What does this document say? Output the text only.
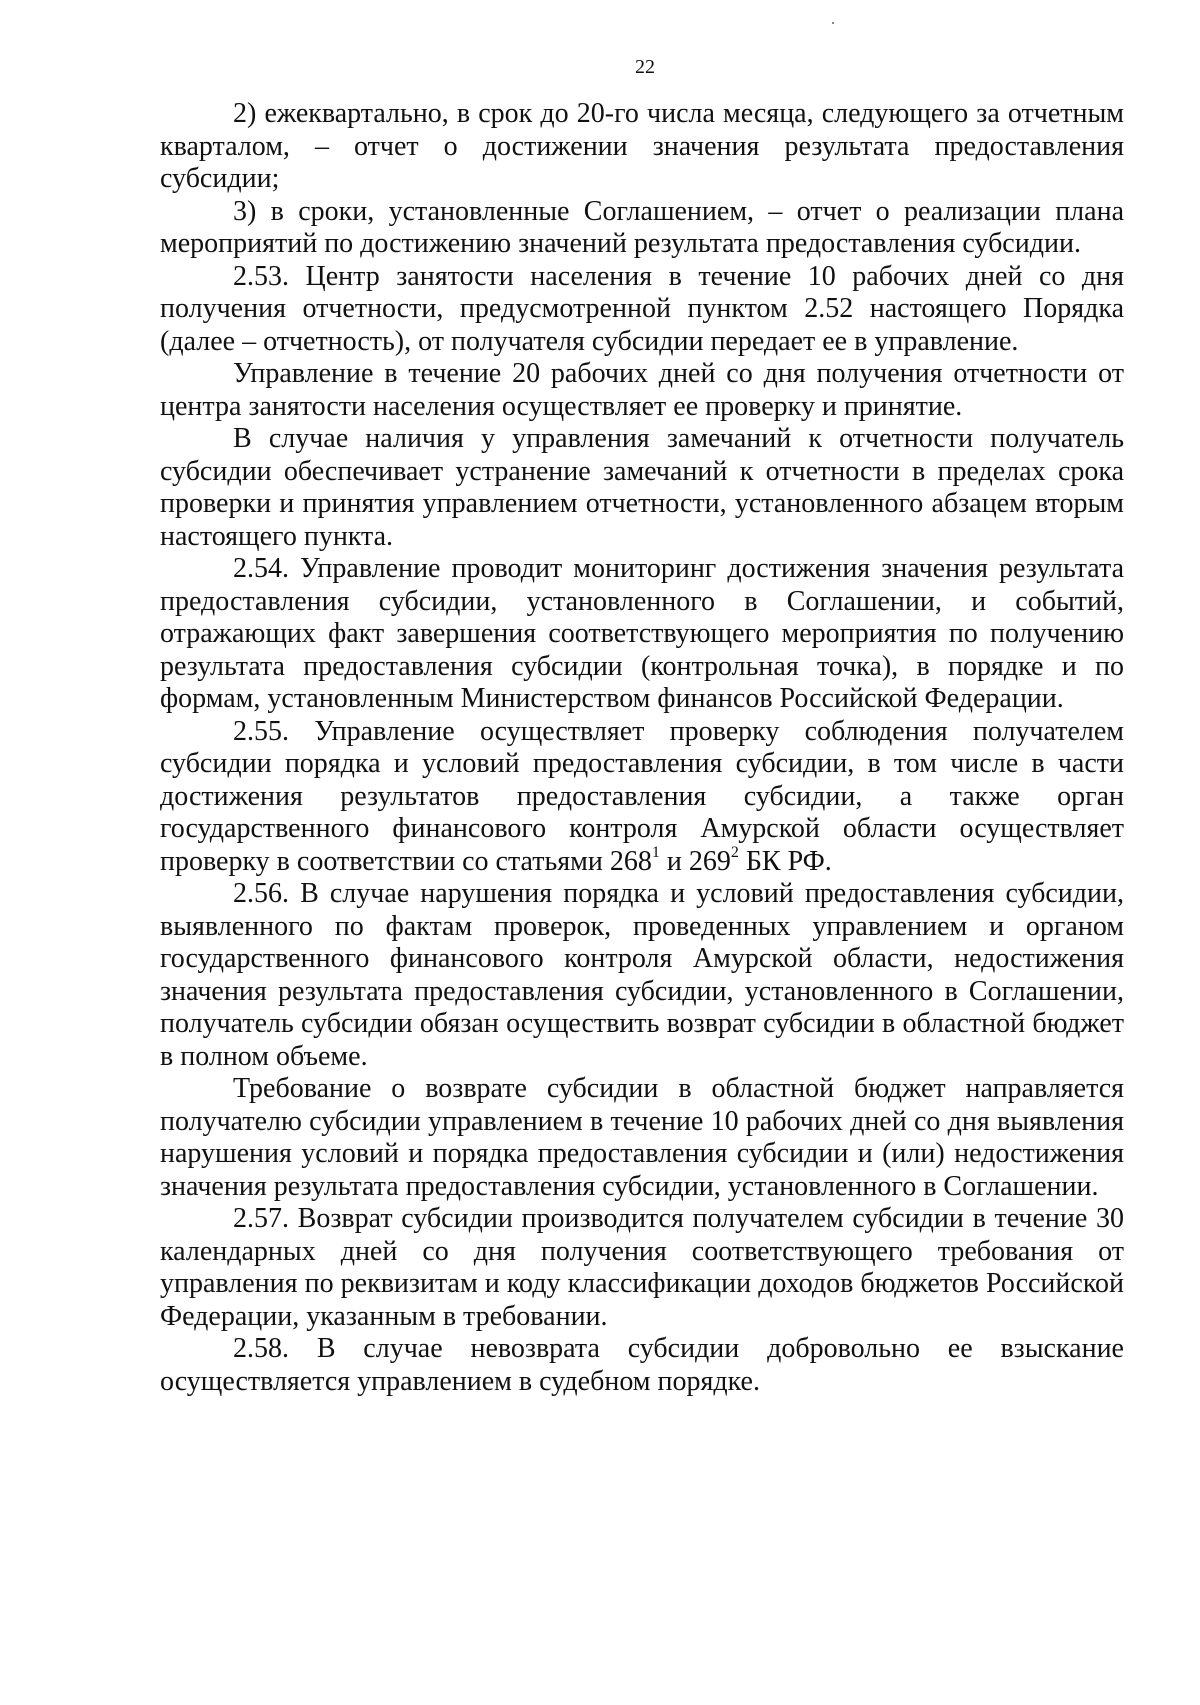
22

2) ежеквартально, в срок до 20-го числа месяца, следующего за отчетным кварталом, – отчет о достижении значения результата предоставления субсидии;

3) в сроки, установленные Соглашением, – отчет о реализации плана мероприятий по достижению значений результата предоставления субсидии.

2.53. Центр занятости населения в течение 10 рабочих дней со дня получения отчетности, предусмотренной пунктом 2.52 настоящего Порядка (далее – отчетность), от получателя субсидии передает ее в управление.

Управление в течение 20 рабочих дней со дня получения отчетности от центра занятости населения осуществляет ее проверку и принятие.

В случае наличия у управления замечаний к отчетности получатель субсидии обеспечивает устранение замечаний к отчетности в пределах срока проверки и принятия управлением отчетности, установленного абзацем вторым настоящего пункта.

2.54. Управление проводит мониторинг достижения значения результата предоставления субсидии, установленного в Соглашении, и событий, отражающих факт завершения соответствующего мероприятия по получению результата предоставления субсидии (контрольная точка), в порядке и по формам, установленным Министерством финансов Российской Федерации.

2.55. Управление осуществляет проверку соблюдения получателем субсидии порядка и условий предоставления субсидии, в том числе в части достижения результатов предоставления субсидии, а также орган государственного финансового контроля Амурской области осуществляет проверку в соответствии со статьями $268^1$ и $269^2$ БК РФ.

2.56. В случае нарушения порядка и условий предоставления субсидии, выявленного по фактам проверок, проведенных управлением и органом государственного финансового контроля Амурской области, недостижения значения результата предоставления субсидии, установленного в Соглашении, получатель субсидии обязан осуществить возврат субсидии в областной бюджет в полном объеме.

Требование о возврате субсидии в областной бюджет направляется получателю субсидии управлением в течение 10 рабочих дней со дня выявления нарушения условий и порядка предоставления субсидии и (или) недостижения значения результата предоставления субсидии, установленного в Соглашении.

2.57. Возврат субсидии производится получателем субсидии в течение 30 календарных дней со дня получения соответствующего требования от управления по реквизитам и коду классификации доходов бюджетов Российской Федерации, указанным в требовании.

2.58. В случае невозврата субсидии добровольно ее взыскание осуществляется управлением в судебном порядке.
